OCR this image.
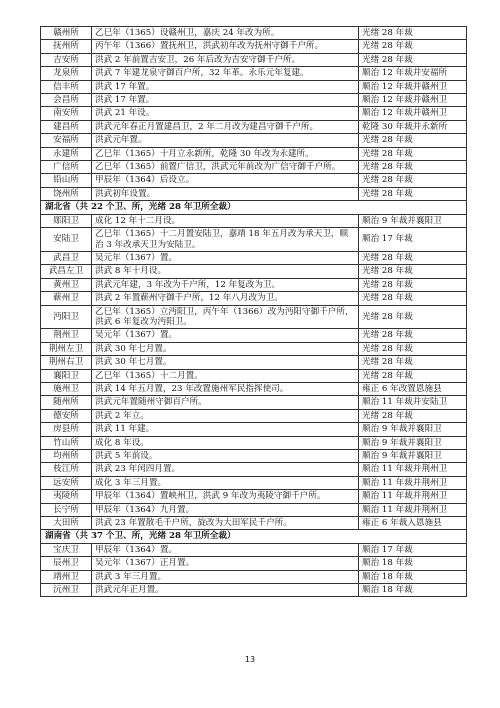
赣州所	乙巳年（1365）设赣州卫，嘉庆 24 年改为所。	光绪 28 年裁
抚州所	丙午年（1366）置抚州卫，洪武初年改为抚州守御千户所。	光绪 28 年裁
吉安所	洪武 2 年前置吉安卫，26 年后改为吉安守御千户所。	光绪 28 年裁
龙泉所	洪武 7 年建龙泉守御百户所，32 年革。永乐元年复建。	顺治 12 年裁并安福所
信丰所	洪武 17 年置。	顺治 12 年裁并赣州卫
会昌所	洪武 17 年置。	顺治 12 年裁并赣州卫
南安所	洪武 21 年设。	顺治 12 年裁并赣州卫
建昌所	洪武元年春正月置建昌卫，2 年二月改为建昌守御千户所。	乾隆 30 年裁并永新所
安福所	洪武元年置。	光绪 28 年裁
永建所	乙巳年（1365）十月立永新所，乾隆 30 年改为永建所。	光绪 28 年裁
广信所	乙巳年（1365）前置广信卫，洪武元年前改为广信守御千户所。	光绪 28 年裁
铅山所	甲辰年（1364）后设立。	光绪 28 年裁
饶州所	洪武初年设置。	光绪 28 年裁
湖北省（共 22 个卫、所，光绪 28 年卫所全裁）		
郧阳卫	成化 12 年十二月设。	顺治 9 年裁并襄阳卫
安陆卫	乙巳年（1365）十二月置安陆卫，嘉靖 18 年五月改为承天卫，顺治 3 年改承天卫为安陆卫。	顺治 17 年裁
武昌卫	吴元年（1367）置。	光绪 28 年裁
武昌左卫	洪武 8 年十月设。	光绪 28 年裁
黄州卫	洪武元年建，3 年改为千户所，12 年复改为卫。	光绪 28 年裁
蕲州卫	洪武 2 年置蕲州守御千户所，12 年八月改为卫。	光绪 28 年裁
沔阳卫	乙巳年（1365）立沔阳卫，丙午年（1366）改为沔阳守御千户所，洪武 6 年复改为沔阳卫。	光绪 28 年裁
荆州卫	吴元年（1367）置。	光绪 28 年裁
荆州左卫	洪武 30 年七月置。	光绪 28 年裁
荆州右卫	洪武 30 年七月置。	光绪 28 年裁
襄阳卫	乙巳年（1365）十二月置。	光绪 28 年裁
施州卫	洪武 14 年五月置，23 年改置施州军民指挥使司。	雍正 6 年改置恩施县
随州所	洪武元年置随州守御百户所。	顺治 11 年裁并安陆卫
德安所	洪武 2 年立。	光绪 28 年裁
房县所	洪武 11 年建。	顺治 9 年裁并襄阳卫
竹山所	成化 8 年设。	顺治 9 年裁并襄阳卫
均州所	洪武 5 年前设。	顺治 9 年裁并襄阳卫
枝江所	洪武 23 年闰四月置。	顺治 11 年裁并荆州卫
远安所	成化 3 年三月置。	顺治 11 年裁并荆州卫
夷陵所	甲辰年（1364）置峡州卫，洪武 9 年改为夷陵守御千户所。	顺治 11 年裁并荆州卫
长宁所	甲辰年（1364）九月置。	顺治 11 年裁并荆州卫
大田所	洪武 23 年置散毛千户所，旋改为大田军民千户所。	雍正 6 年裁入恩施县
湖南省（共 37 个卫、所，光绪 28 年卫所全裁）		
宝庆卫	甲辰年（1364）置。	顺治 17 年裁
辰州卫	吴元年（1367）正月置。	顺治 18 年裁
靖州卫	洪武 3 年三月置。	顺治 18 年裁
沅州卫	洪武元年正月置。	顺治 18 年裁
13
